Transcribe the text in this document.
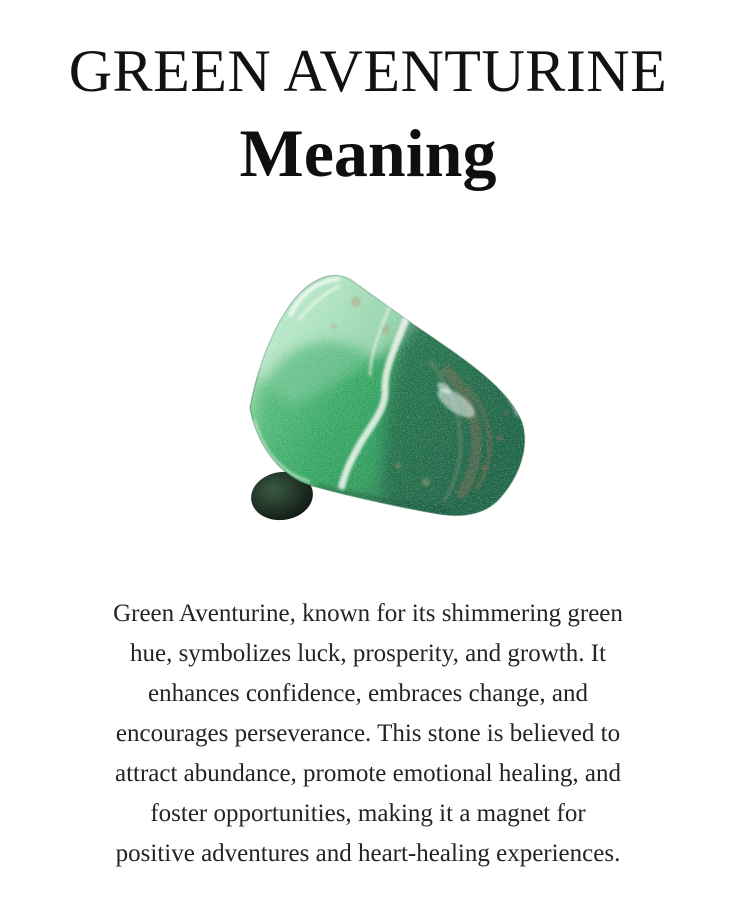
GREEN AVENTURINE
Meaning
Green Aventurine, known for its shimmering green
hue, symbolizes luck, prosperity, and growth. It
enhances confidence, embraces change, and
encourages perseverance. This stone is believed to
attract abundance, promote emotional healing, and
foster opportunities, making it a magnet for
positive adventures and heart-healing experiences.
